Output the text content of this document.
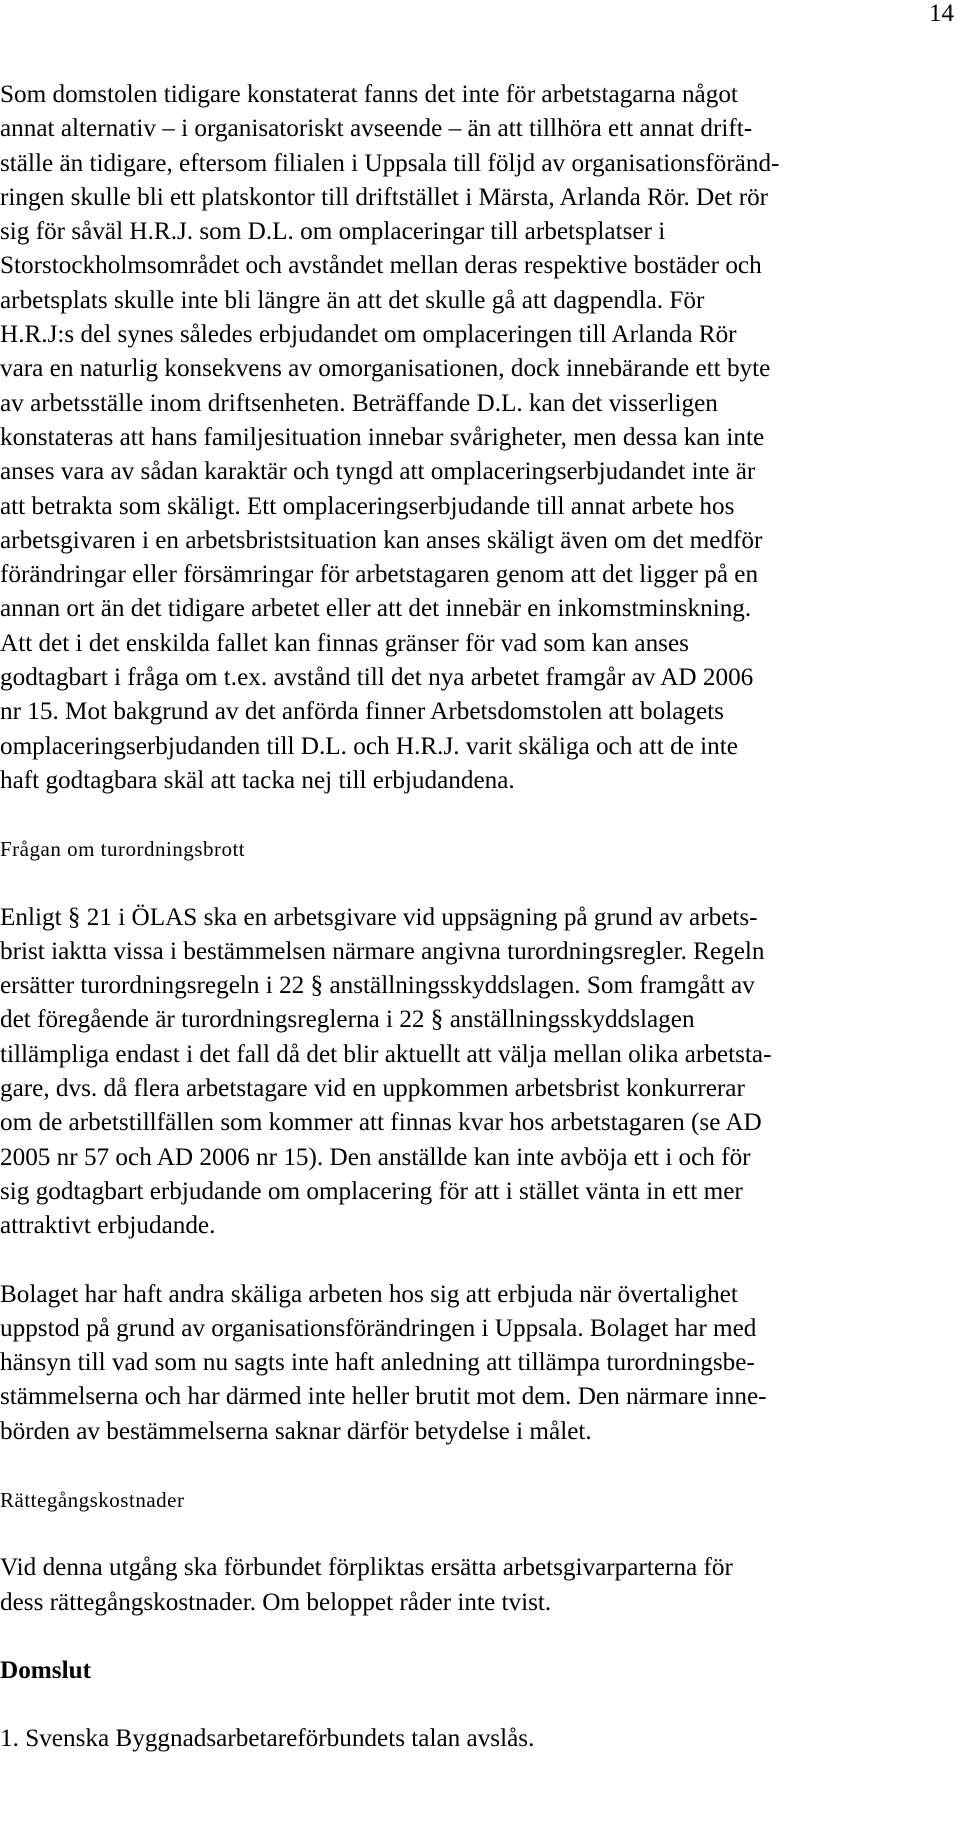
14
Som domstolen tidigare konstaterat fanns det inte för arbetstagarna något
annat alternativ – i organisatoriskt avseende – än att tillhöra ett annat drift-
ställe än tidigare, eftersom filialen i Uppsala till följd av organisationsföränd-
ringen skulle bli ett platskontor till driftstället i Märsta, Arlanda Rör. Det rör
sig för såväl H.R.J. som D.L. om omplaceringar till arbetsplatser i
Storstockholmsområdet och avståndet mellan deras respektive bostäder och
arbetsplats skulle inte bli längre än att det skulle gå att dagpendla. För
H.R.J:s del synes således erbjudandet om omplaceringen till Arlanda Rör
vara en naturlig konsekvens av omorganisationen, dock innebärande ett byte
av arbetsställe inom driftsenheten. Beträffande D.L. kan det visserligen
konstateras att hans familjesituation innebar svårigheter, men dessa kan inte
anses vara av sådan karaktär och tyngd att omplaceringserbjudandet inte är
att betrakta som skäligt. Ett omplaceringserbjudande till annat arbete hos
arbetsgivaren i en arbetsbristsituation kan anses skäligt även om det medför
förändringar eller försämringar för arbetstagaren genom att det ligger på en
annan ort än det tidigare arbetet eller att det innebär en inkomstminskning.
Att det i det enskilda fallet kan finnas gränser för vad som kan anses
godtagbart i fråga om t.ex. avstånd till det nya arbetet framgår av AD 2006
nr 15. Mot bakgrund av det anförda finner Arbetsdomstolen att bolagets
omplaceringserbjudanden till D.L. och H.R.J. varit skäliga och att de inte
haft godtagbara skäl att tacka nej till erbjudandena.
Frågan om turordningsbrott
Enligt § 21 i ÖLAS ska en arbetsgivare vid uppsägning på grund av arbets-
brist iaktta vissa i bestämmelsen närmare angivna turordningsregler. Regeln
ersätter turordningsregeln i 22 § anställningsskyddslagen. Som framgått av
det föregående är turordningsreglerna i 22 § anställningsskyddslagen
tillämpliga endast i det fall då det blir aktuellt att välja mellan olika arbetsta-
gare, dvs. då flera arbetstagare vid en uppkommen arbetsbrist konkurrerar
om de arbetstillfällen som kommer att finnas kvar hos arbetstagaren (se AD
2005 nr 57 och AD 2006 nr 15). Den anställde kan inte avböja ett i och för
sig godtagbart erbjudande om omplacering för att i stället vänta in ett mer
attraktivt erbjudande.
Bolaget har haft andra skäliga arbeten hos sig att erbjuda när övertalighet
uppstod på grund av organisationsförändringen i Uppsala. Bolaget har med
hänsyn till vad som nu sagts inte haft anledning att tillämpa turordningsbe-
stämmelserna och har därmed inte heller brutit mot dem. Den närmare inne-
börden av bestämmelserna saknar därför betydelse i målet.
Rättegångskostnader
Vid denna utgång ska förbundet förpliktas ersätta arbetsgivarparterna för
dess rättegångskostnader. Om beloppet råder inte tvist.
Domslut
1. Svenska Byggnadsarbetareförbundets talan avslås.
